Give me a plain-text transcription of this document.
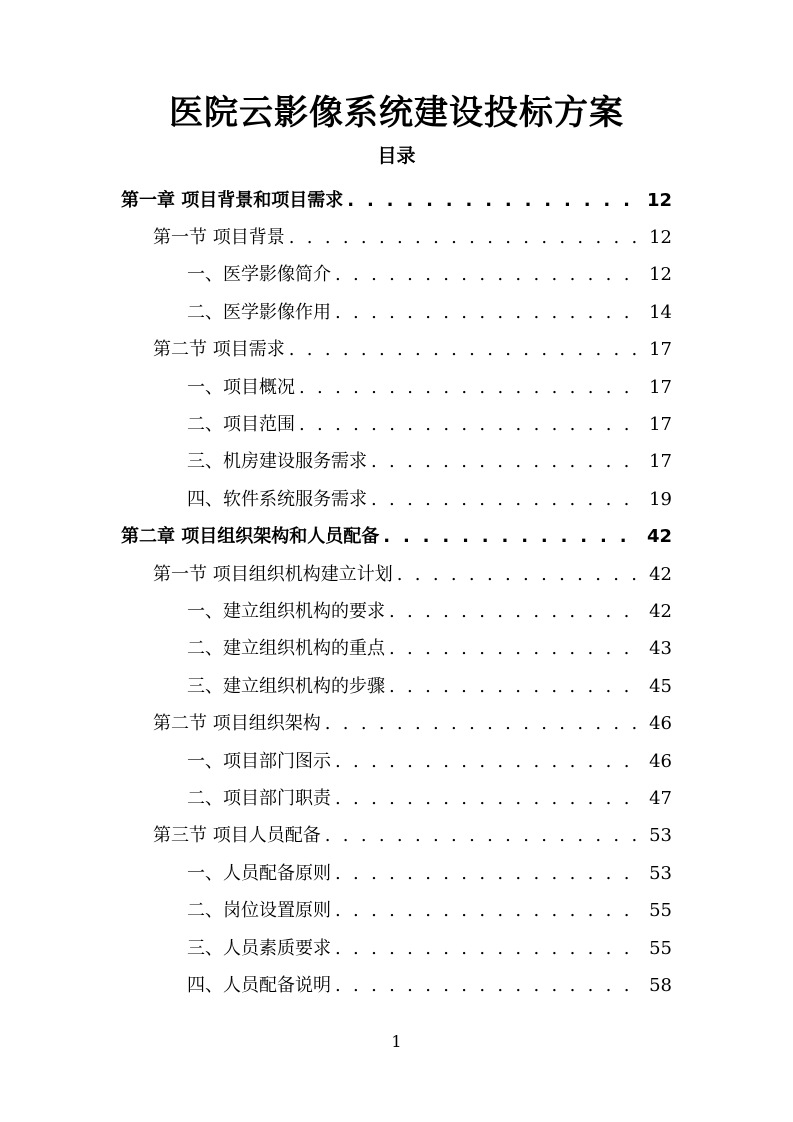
医院云影像系统建设投标方案
目录
第一章 项目背景和项目需求 . . .	12
第一节 项目背景 . . .	12
一、医学影像简介 . . .	12
二、医学影像作用 . . .	14
第二节 项目需求 . . .	17
一、项目概况 . . .	17
二、项目范围 . . .	17
三、机房建设服务需求 . . .	17
四、软件系统服务需求 . . .	19
第二章 项目组织架构和人员配备 . . .	42
第一节 项目组织机构建立计划 . . .	42
一、建立组织机构的要求 . . .	42
二、建立组织机构的重点 . . .	43
三、建立组织机构的步骤 . . .	45
第二节 项目组织架构 . . .	46
一、项目部门图示 . . .	46
二、项目部门职责 . . .	47
第三节 项目人员配备 . . .	53
一、人员配备原则 . . .	53
二、岗位设置原则 . . .	55
三、人员素质要求 . . .	55
四、人员配备说明 . . .	58
1
